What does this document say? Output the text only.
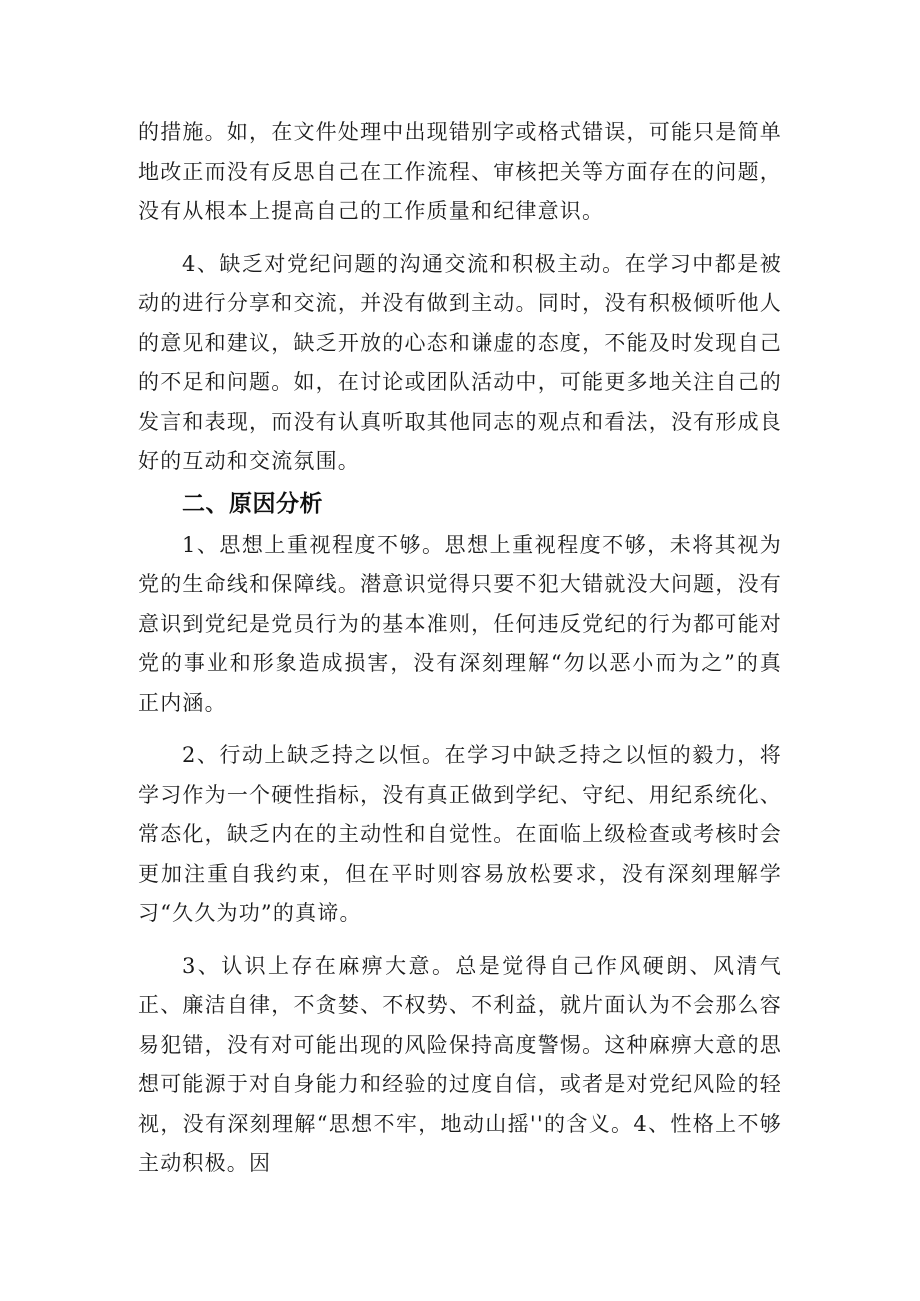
的措施。如，在文件处理中出现错别字或格式错误，可能只是简单地改正而没有反思自己在工作流程、审核把关等方面存在的问题，没有从根本上提高自己的工作质量和纪律意识。

4、缺乏对党纪问题的沟通交流和积极主动。在学习中都是被动的进行分享和交流，并没有做到主动。同时，没有积极倾听他人的意见和建议，缺乏开放的心态和谦虚的态度，不能及时发现自己的不足和问题。如，在讨论或团队活动中，可能更多地关注自己的发言和表现，而没有认真听取其他同志的观点和看法，没有形成良好的互动和交流氛围。

二、原因分析

1、思想上重视程度不够。思想上重视程度不够，未将其视为党的生命线和保障线。潜意识觉得只要不犯大错就没大问题，没有意识到党纪是党员行为的基本准则，任何违反党纪的行为都可能对党的事业和形象造成损害，没有深刻理解“勿以恶小而为之”的真正内涵。

2、行动上缺乏持之以恒。在学习中缺乏持之以恒的毅力，将学习作为一个硬性指标，没有真正做到学纪、守纪、用纪系统化、常态化，缺乏内在的主动性和自觉性。在面临上级检查或考核时会更加注重自我约束，但在平时则容易放松要求，没有深刻理解学习“久久为功”的真谛。

3、认识上存在麻痹大意。总是觉得自己作风硬朗、风清气正、廉洁自律，不贪婪、不权势、不利益，就片面认为不会那么容易犯错，没有对可能出现的风险保持高度警惕。这种麻痹大意的思想可能源于对自身能力和经验的过度自信，或者是对党纪风险的轻视，没有深刻理解“思想不牢，地动山摇''的含义。4、性格上不够主动积极。因
